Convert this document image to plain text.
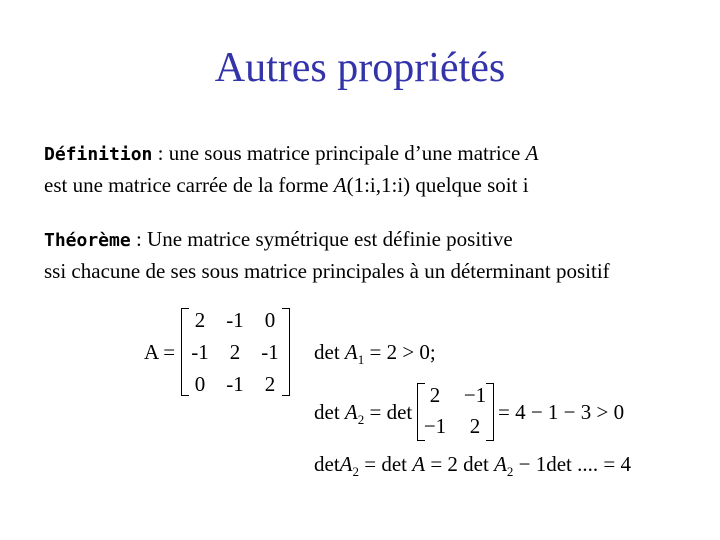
Autres propriétés
Définition : une sous matrice principale d’une matrice A
est une matrice carrée de la forme A(1:i,1:i) quelque soit i
Théorème : Une matrice symétrique est définie positive
ssi chacune de ses sous matrice principales à un déterminant positif
A =
2	-1	0
-1	2	-1
0	-1	2
$\det A_1 = 2 > 0$;
$\det A_2 = \det$
2	−1
−1	2
= 4 − 1 − 3 > 0
detA$_2$ = det A = 2 $\det A_2 - 1\det$ .... = 4
